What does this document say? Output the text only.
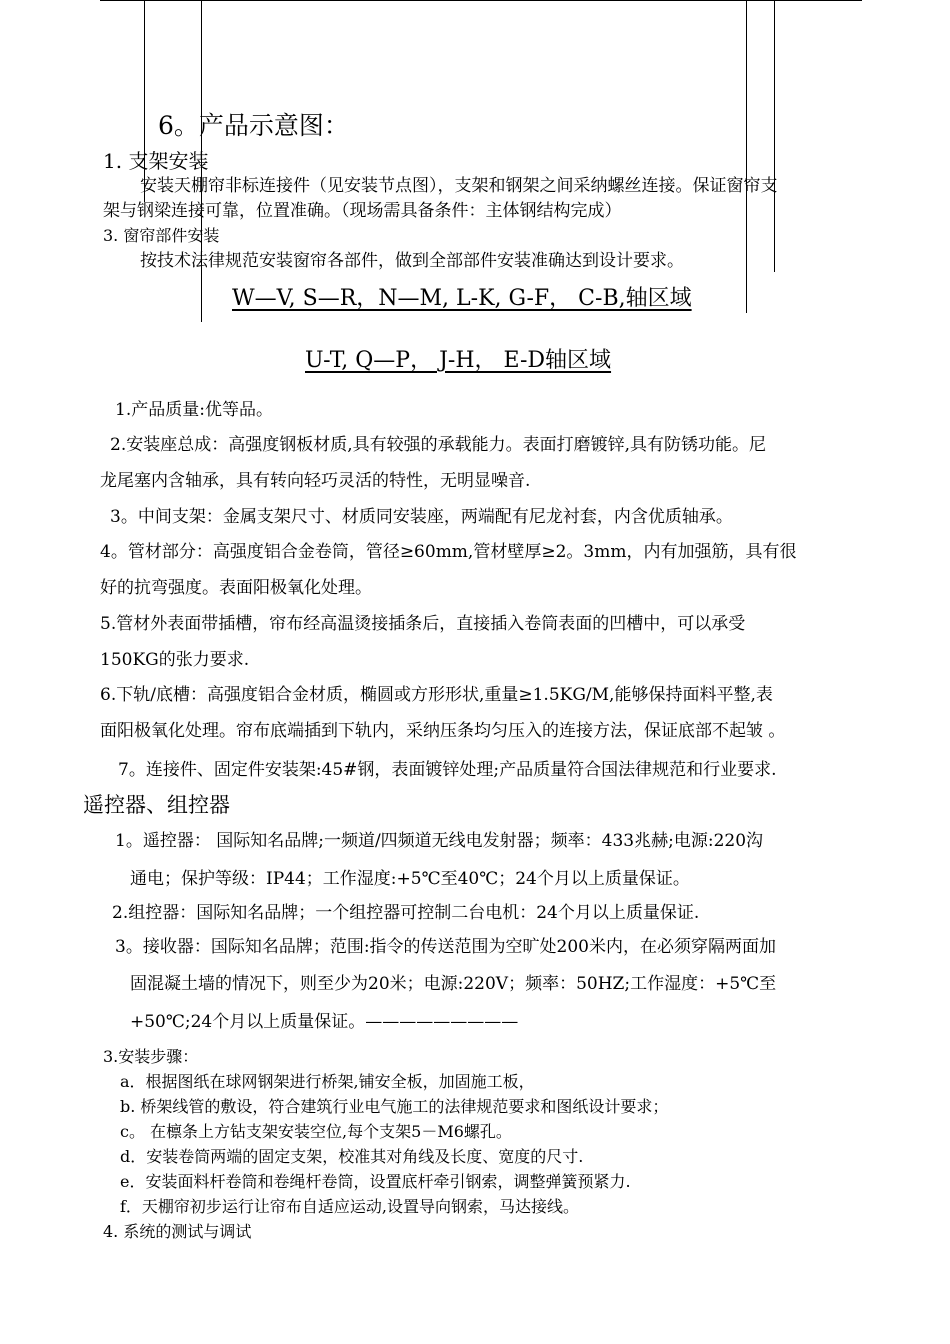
6。产品示意图：

1. 支架安装

安装天棚帘非标连接件（见安装节点图），支架和钢架之间采纳螺丝连接。保证窗帘支

架与钢梁连接可靠，位置准确。（现场需具备条件：主体钢结构完成）

3. 窗帘部件安装

按技术法律规范安装窗帘各部件，做到全部部件安装准确达到设计要求。

W—V, S—R，N—M, L-K, G-F， C-B,轴区域

U-T, Q—P， J-H， E-D轴区域

1.产品质量:优等品。

2.安装座总成：高强度钢板材质,具有较强的承载能力。表面打磨镀锌,具有防锈功能。尼

龙尾塞内含轴承，具有转向轻巧灵活的特性，无明显噪音.

3。中间支架：金属支架尺寸、材质同安装座，两端配有尼龙衬套，内含优质轴承。

4。管材部分：高强度铝合金卷筒，管径≥60mm,管材壁厚≥2。3mm，内有加强筋，具有很

好的抗弯强度。表面阳极氧化处理。

5.管材外表面带插槽，帘布经高温烫接插条后，直接插入卷筒表面的凹槽中，可以承受

150KG的张力要求.

6.下轨/底槽：高强度铝合金材质，椭圆或方形形状,重量≥1.5KG/M,能够保持面料平整,表

面阳极氧化处理。帘布底端插到下轨内，采纳压条均匀压入的连接方法，保证底部不起皱 。

7。连接件、固定件安装架:45#钢，表面镀锌处理;产品质量符合国法律规范和行业要求.

遥控器、组控器

1。遥控器： 国际知名品牌;一频道/四频道无线电发射器；频率：433兆赫;电源:220沟

通电；保护等级：IP44；工作湿度:+5℃至40℃；24个月以上质量保证。

2.组控器：国际知名品牌；一个组控器可控制二台电机：24个月以上质量保证.

3。接收器：国际知名品牌；范围:指令的传送范围为空旷处200米内，在必须穿隔两面加

固混凝土墙的情况下，则至少为20米；电源:220V；频率：50HZ;工作湿度：+5℃至

+50℃;24个月以上质量保证。—————————

3.安装步骤：

a．根据图纸在球网钢架进行桥架,铺安全板，加固施工板，

b. 桥架线管的敷设，符合建筑行业电气施工的法律规范要求和图纸设计要求；

c。 在檩条上方钻支架安装空位,每个支架5－M6螺孔。

d．安装卷筒两端的固定支架，校准其对角线及长度、宽度的尺寸.

e．安装面料杆卷筒和卷绳杆卷筒，设置底杆牵引钢索，调整弹簧预紧力.

f．天棚帘初步运行让帘布自适应运动,设置导向钢索，马达接线。

4. 系统的测试与调试
